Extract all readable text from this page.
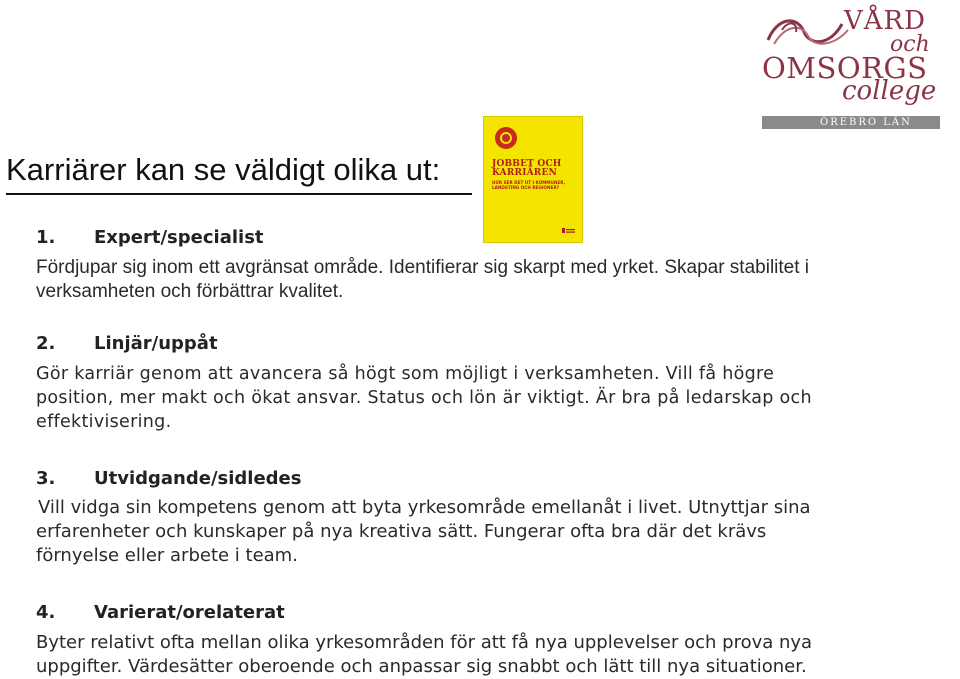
Karriärer kan se väldigt olika ut:	JOBBET OCH
KARRIÄREN
HUR SER DET UT I KOMMUNER,
LANDSTING OCH REGIONER?
VÅRD
och
OMSORGS
college
ÖREBRO LÄN
1. Expert/specialist
Fördjupar sig inom ett avgränsat område. Identifierar sig skarpt med yrket. Skapar stabilitet i
verksamheten och förbättrar kvalitet.
2. Linjär/uppåt
Gör karriär genom att avancera så högt som möjligt i verksamheten. Vill få högre
position, mer makt och ökat ansvar. Status och lön är viktigt. Är bra på ledarskap och
effektivisering.
3. Utvidgande/sidledes
Vill vidga sin kompetens genom att byta yrkesområde emellanåt i livet. Utnyttjar sina
erfarenheter och kunskaper på nya kreativa sätt. Fungerar ofta bra där det krävs
förnyelse eller arbete i team.
4. Varierat/orelaterat
Byter relativt ofta mellan olika yrkesområden för att få nya upplevelser och prova nya
uppgifter. Värdesätter oberoende och anpassar sig snabbt och lätt till nya situationer.
